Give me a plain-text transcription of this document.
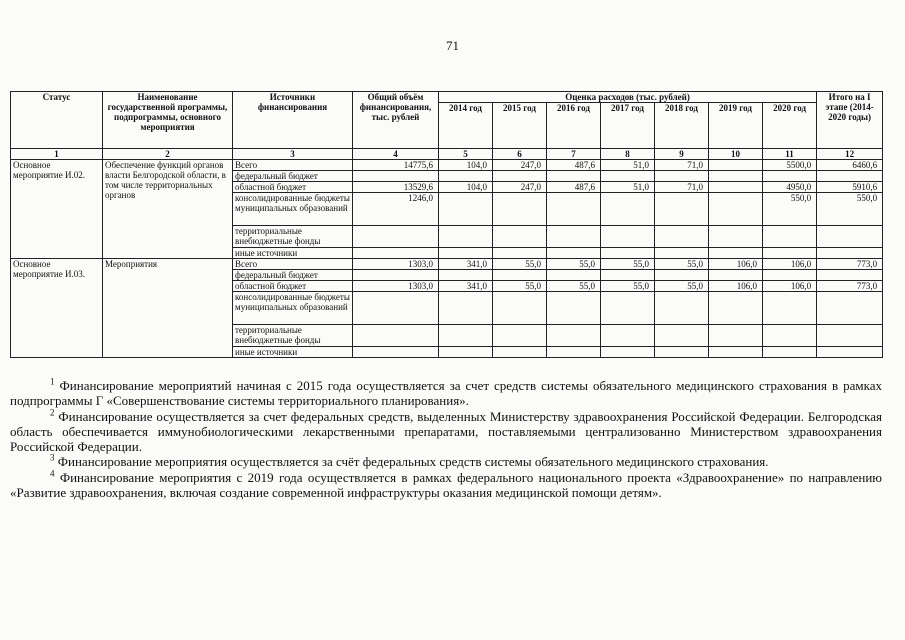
71
Статус	Наименование государственной программы, подпрограммы, основного мероприятия	Источники финансирования	Общий объём финансирования, тыс. рублей	Оценка расходов (тыс. рублей)							Итого на I этапе (2014-2020 годы)
				2014 год	2015 год	2016 год	2017 год	2018 год	2019 год	2020 год	
1	2	3	4	5	6	7	8	9	10	11	12
Основное мероприятие И.02.	Обеспечение функций органов власти Белгородской области, в том числе территориальных органов	Всего	14775,6	104,0	247,0	487,6	51,0	71,0		5500,0	6460,6
		федеральный бюджет									
		областной бюджет	13529,6	104,0	247,0	487,6	51,0	71,0		4950,0	5910,6
		консолидированные бюджеты муниципальных образований	1246,0							550,0	550,0
		территориальные внебюджетные фонды									
		иные источники									
Основное мероприятие И.03.	Мероприятия	Всего	1303,0	341,0	55,0	55,0	55,0	55,0	106,0	106,0	773,0
		федеральный бюджет									
		областной бюджет	1303,0	341,0	55,0	55,0	55,0	55,0	106,0	106,0	773,0
		консолидированные бюджеты муниципальных образований									
		территориальные внебюджетные фонды									
		иные источники									

$^1$ Финансирование мероприятий начиная с 2015 года осуществляется за счет средств системы обязательного медицинского страхования в рамках подпрограммы Г «Совершенствование системы территориального планирования».

$^2$ Финансирование осуществляется за счет федеральных средств, выделенных Министерству здравоохранения Российской Федерации. Белгородская область обеспечивается иммунобиологическими лекарственными препаратами, поставляемыми централизованно Министерством здравоохранения Российской Федерации.

$^3$ Финансирование мероприятия осуществляется за счёт федеральных средств системы обязательного медицинского страхования.

$^4$ Финансирование мероприятия с 2019 года осуществляется в рамках федерального национального проекта «Здравоохранение» по направлению «Развитие здравоохранения, включая создание современной инфраструктуры оказания медицинской помощи детям».
